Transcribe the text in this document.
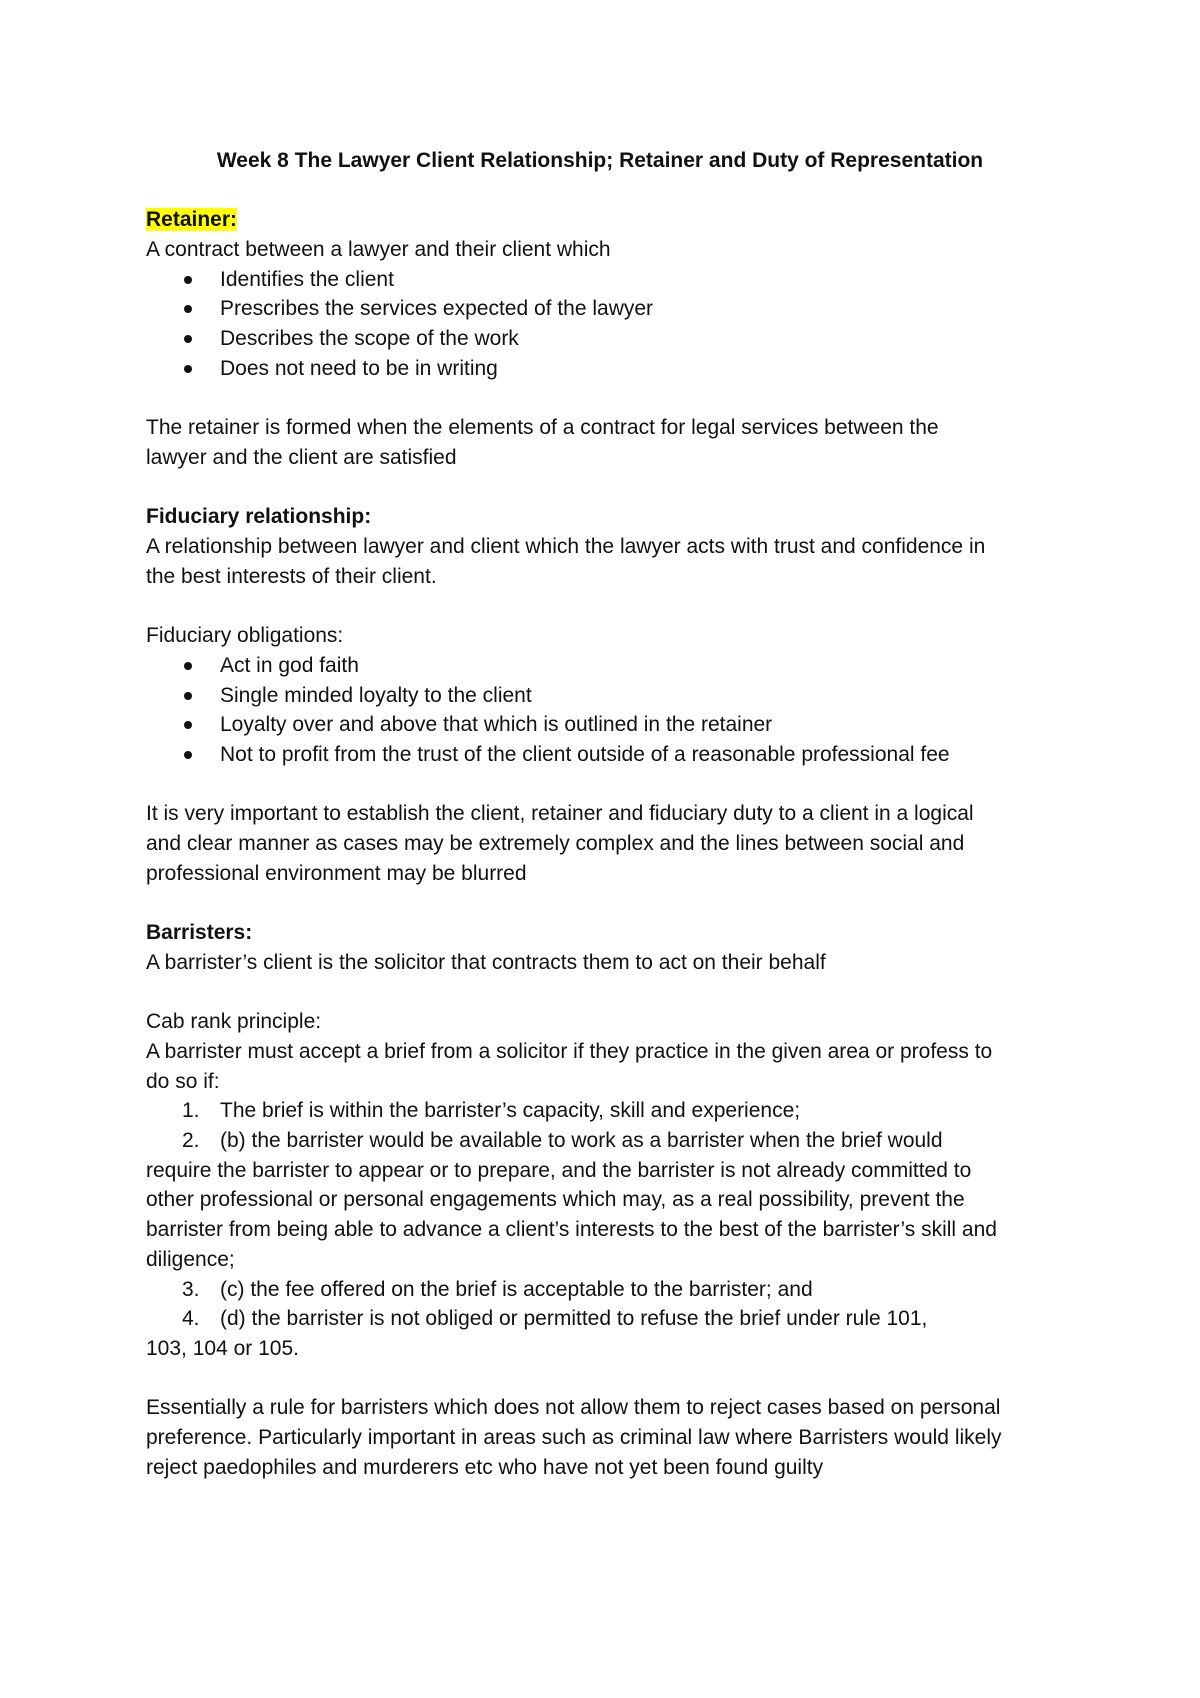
Week 8 The Lawyer Client Relationship; Retainer and Duty of Representation
Retainer:
A contract between a lawyer and their client which
Identifies the client
Prescribes the services expected of the lawyer
Describes the scope of the work
Does not need to be in writing
The retainer is formed when the elements of a contract for legal services between the
lawyer and the client are satisfied
Fiduciary relationship:
A relationship between lawyer and client which the lawyer acts with trust and confidence in
the best interests of their client.
Fiduciary obligations:
Act in god faith
Single minded loyalty to the client
Loyalty over and above that which is outlined in the retainer
Not to profit from the trust of the client outside of a reasonable professional fee
It is very important to establish the client, retainer and fiduciary duty to a client in a logical
and clear manner as cases may be extremely complex and the lines between social and
professional environment may be blurred
Barristers:
A barrister’s client is the solicitor that contracts them to act on their behalf
Cab rank principle:
A barrister must accept a brief from a solicitor if they practice in the given area or profess to
do so if:
1. The brief is within the barrister’s capacity, skill and experience;
2. (b) the barrister would be available to work as a barrister when the brief would
require the barrister to appear or to prepare, and the barrister is not already committed to
other professional or personal engagements which may, as a real possibility, prevent the
barrister from being able to advance a client’s interests to the best of the barrister’s skill and
diligence;
3. (c) the fee offered on the brief is acceptable to the barrister; and
4. (d) the barrister is not obliged or permitted to refuse the brief under rule 101,
103, 104 or 105.
Essentially a rule for barristers which does not allow them to reject cases based on personal
preference. Particularly important in areas such as criminal law where Barristers would likely
reject paedophiles and murderers etc who have not yet been found guilty
